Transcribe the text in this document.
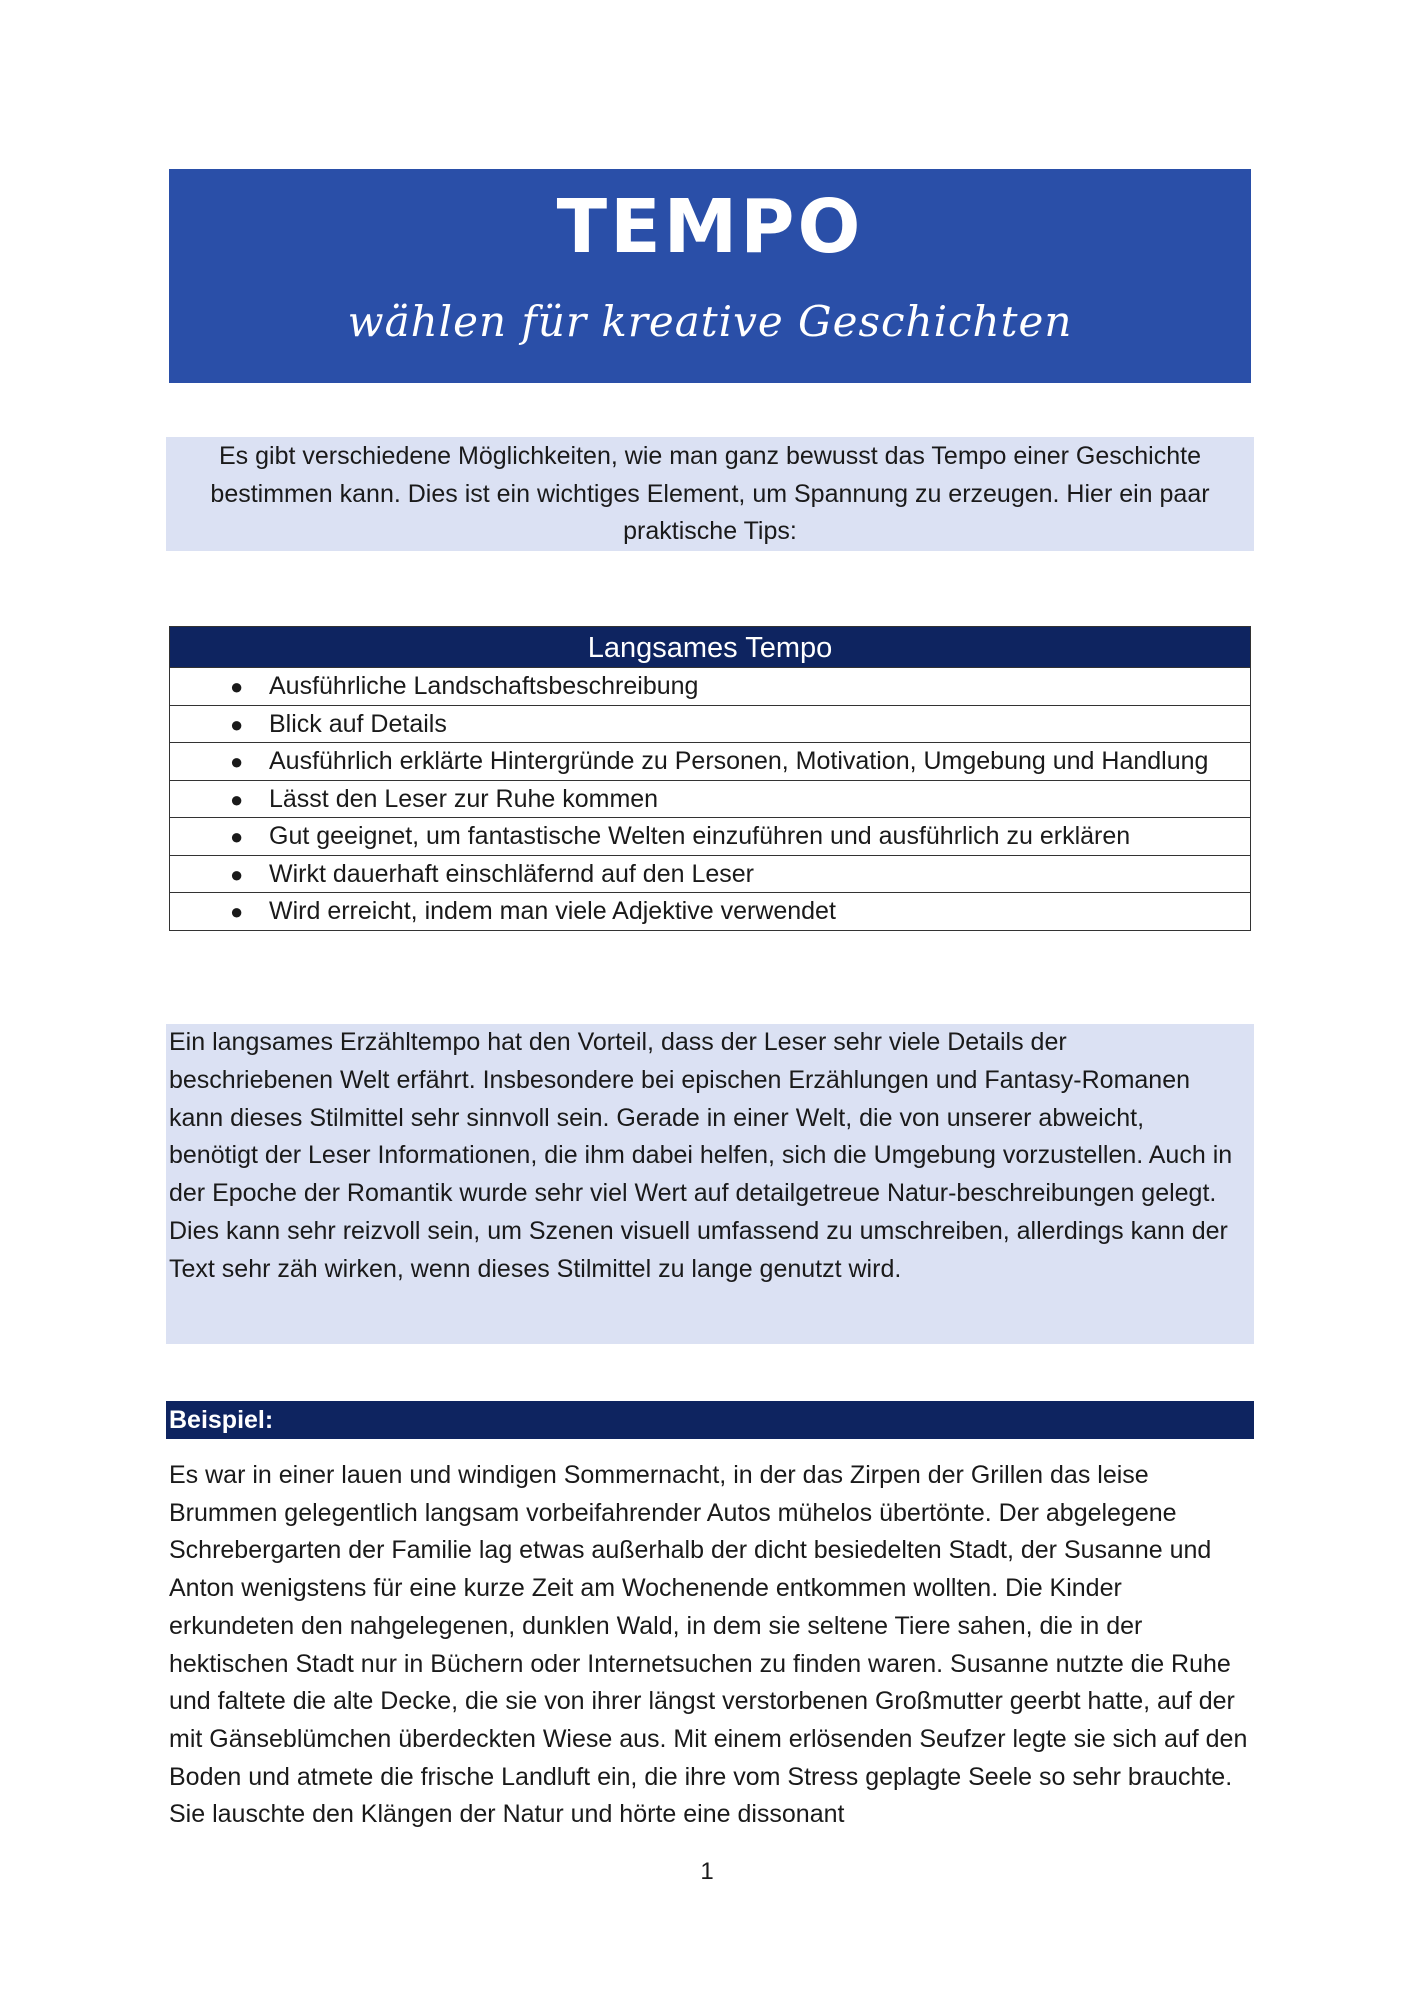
TEMPO
wählen für kreative Geschichten
Es gibt verschiedene Möglichkeiten, wie man ganz bewusst das Tempo einer Geschichte bestimmen kann. Dies ist ein wichtiges Element, um Spannung zu erzeugen. Hier ein paar praktische Tips:
Langsames Tempo
● Ausführliche Landschaftsbeschreibung
● Blick auf Details
● Ausführlich erklärte Hintergründe zu Personen, Motivation, Umgebung und Handlung
● Lässt den Leser zur Ruhe kommen
● Gut geeignet, um fantastische Welten einzuführen und ausführlich zu erklären
● Wirkt dauerhaft einschläfernd auf den Leser
● Wird erreicht, indem man viele Adjektive verwendet
Ein langsames Erzähltempo hat den Vorteil, dass der Leser sehr viele Details der beschriebenen Welt erfährt. Insbesondere bei epischen Erzählungen und Fantasy-Romanen kann dieses Stilmittel sehr sinnvoll sein. Gerade in einer Welt, die von unserer abweicht, benötigt der Leser Informationen, die ihm dabei helfen, sich die Umgebung vorzustellen. Auch in der Epoche der Romantik wurde sehr viel Wert auf detailgetreue Natur-beschreibungen gelegt. Dies kann sehr reizvoll sein, um Szenen visuell umfassend zu umschreiben, allerdings kann der Text sehr zäh wirken, wenn dieses Stilmittel zu lange genutzt wird.
Beispiel:
Es war in einer lauen und windigen Sommernacht, in der das Zirpen der Grillen das leise Brummen gelegentlich langsam vorbeifahrender Autos mühelos übertönte. Der abgelegene Schrebergarten der Familie lag etwas außerhalb der dicht besiedelten Stadt, der Susanne und Anton wenigstens für eine kurze Zeit am Wochenende entkommen wollten. Die Kinder erkundeten den nahgelegenen, dunklen Wald, in dem sie seltene Tiere sahen, die in der hektischen Stadt nur in Büchern oder Internetsuchen zu finden waren. Susanne nutzte die Ruhe und faltete die alte Decke, die sie von ihrer längst verstorbenen Großmutter geerbt hatte, auf der mit Gänseblümchen überdeckten Wiese aus. Mit einem erlösenden Seufzer legte sie sich auf den Boden und atmete die frische Landluft ein, die ihre vom Stress geplagte Seele so sehr brauchte. Sie lauschte den Klängen der Natur und hörte eine dissonant
1
